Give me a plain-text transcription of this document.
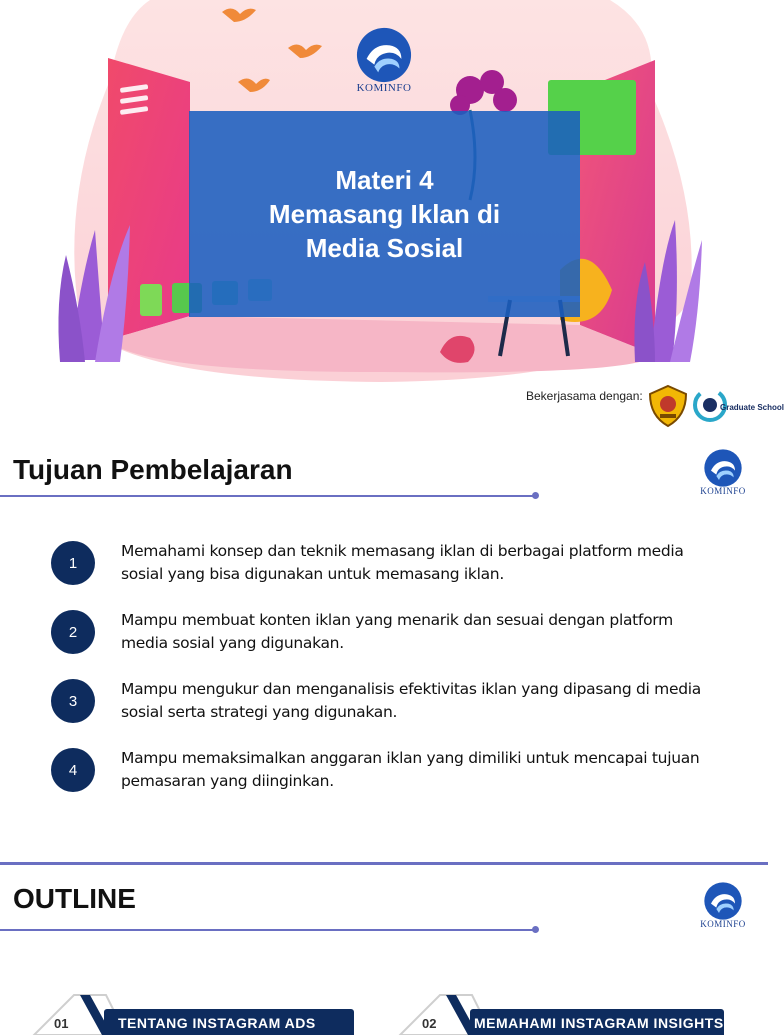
KOMINFO
Materi 4
Memasang Iklan di
Media Sosial
Bekerjasama dengan:
Graduate School
Tujuan Pembelajaran
KOMINFO
1

Memahami konsep dan teknik memasang iklan di berbagai platform media sosial yang bisa digunakan untuk memasang iklan.

2

Mampu membuat konten iklan yang menarik dan sesuai dengan platform media sosial yang digunakan.

3

Mampu mengukur dan menganalisis efektivitas iklan yang dipasang di media sosial serta strategi yang digunakan.

4

Mampu memaksimalkan anggaran iklan yang dimiliki untuk mencapai tujuan pemasaran yang diinginkan.

OUTLINE
KOMINFO
01	TENTANG INSTAGRAM ADS	02	MEMAHAMI INSTAGRAM INSIGHTS
